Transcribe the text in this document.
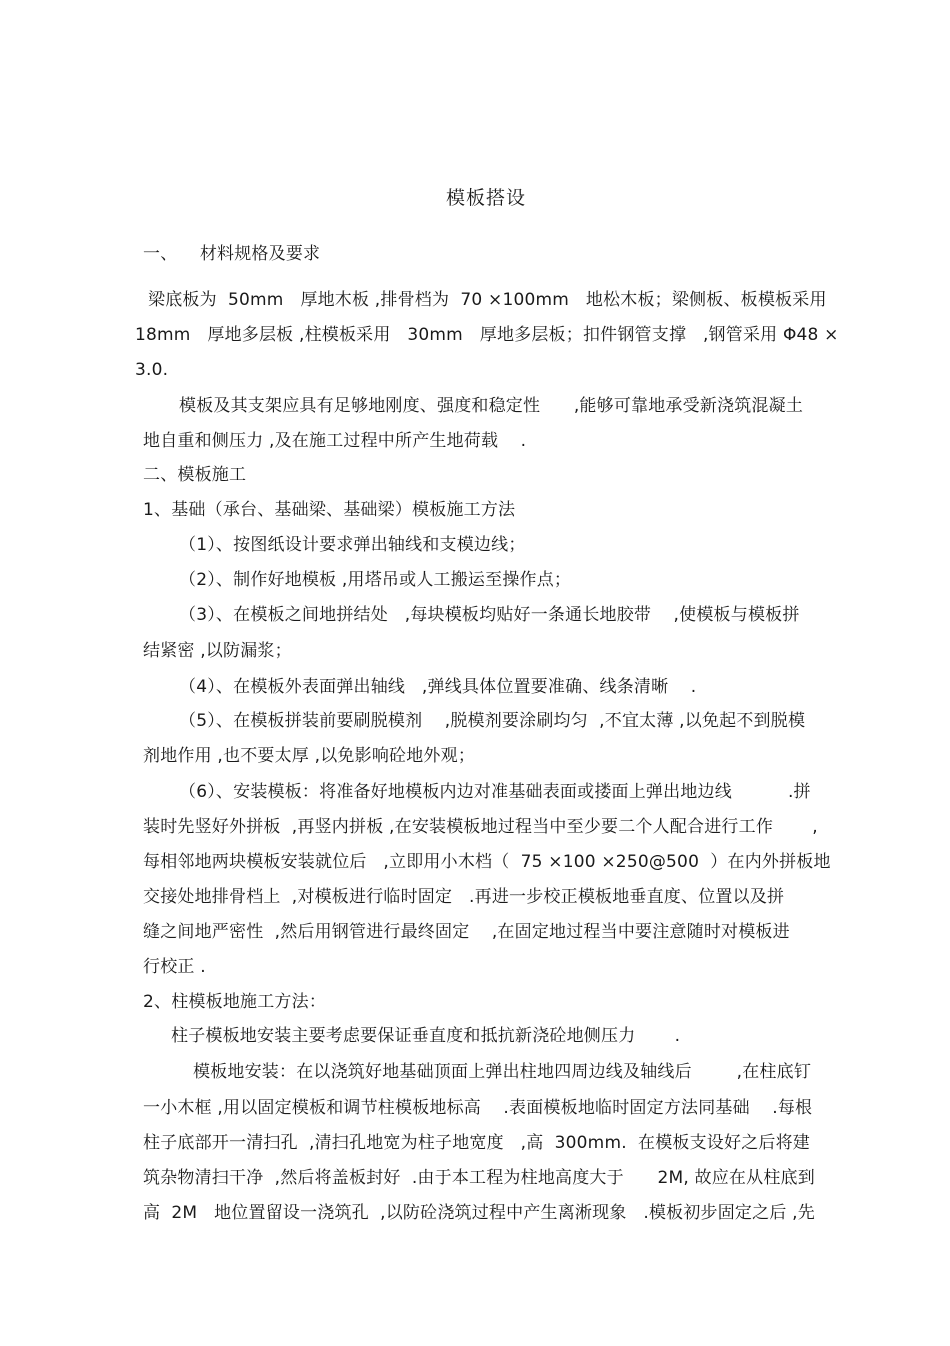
模板搭设
一、    材料规格及要求
梁底板为  50mm   厚地木板 ,排骨档为  70 ×100mm   地松木板；梁侧板、板模板采用
18mm   厚地多层板 ,柱模板采用   30mm   厚地多层板；扣件钢管支撑   ,钢管采用 Φ48 ×
3.0.
模板及其支架应具有足够地刚度、强度和稳定性      ,能够可靠地承受新浇筑混凝土
地自重和侧压力 ,及在施工过程中所产生地荷载    .
二、模板施工
1、基础（承台、基础梁、基础梁）模板施工方法
（1）、按图纸设计要求弹出轴线和支模边线；
（2）、制作好地模板 ,用塔吊或人工搬运至操作点；
（3）、在模板之间地拼结处   ,每块模板均贴好一条通长地胶带    ,使模板与模板拼
结紧密 ,以防漏浆；
（4）、在模板外表面弹出轴线   ,弹线具体位置要准确、线条清晰    .
（5）、在模板拼装前要刷脱模剂    ,脱模剂要涂刷均匀  ,不宜太薄 ,以免起不到脱模
剂地作用 ,也不要太厚 ,以免影响砼地外观；
（6）、安装模板：将准备好地模板内边对准基础表面或搂面上弹出地边线          .拼
装时先竖好外拼板  ,再竖内拼板 ,在安装模板地过程当中至少要二个人配合进行工作       ,
每相邻地两块模板安装就位后   ,立即用小木档（  75 ×100 ×250@500  ）在内外拼板地
交接处地排骨档上  ,对模板进行临时固定   .再进一步校正模板地垂直度、位置以及拼
缝之间地严密性  ,然后用钢管进行最终固定    ,在固定地过程当中要注意随时对模板进
行校正 .
2、柱模板地施工方法：
柱子模板地安装主要考虑要保证垂直度和抵抗新浇砼地侧压力       .
模板地安装：在以浇筑好地基础顶面上弹出柱地四周边线及轴线后        ,在柱底钉
一小木框 ,用以固定模板和调节柱模板地标高    .表面模板地临时固定方法同基础    .每根
柱子底部开一清扫孔  ,清扫孔地宽为柱子地宽度   ,高  300mm.  在模板支设好之后将建
筑杂物清扫干净  ,然后将盖板封好  .由于本工程为柱地高度大于      2M, 故应在从柱底到
高  2M   地位置留设一浇筑孔  ,以防砼浇筑过程中产生离淅现象   .模板初步固定之后 ,先
